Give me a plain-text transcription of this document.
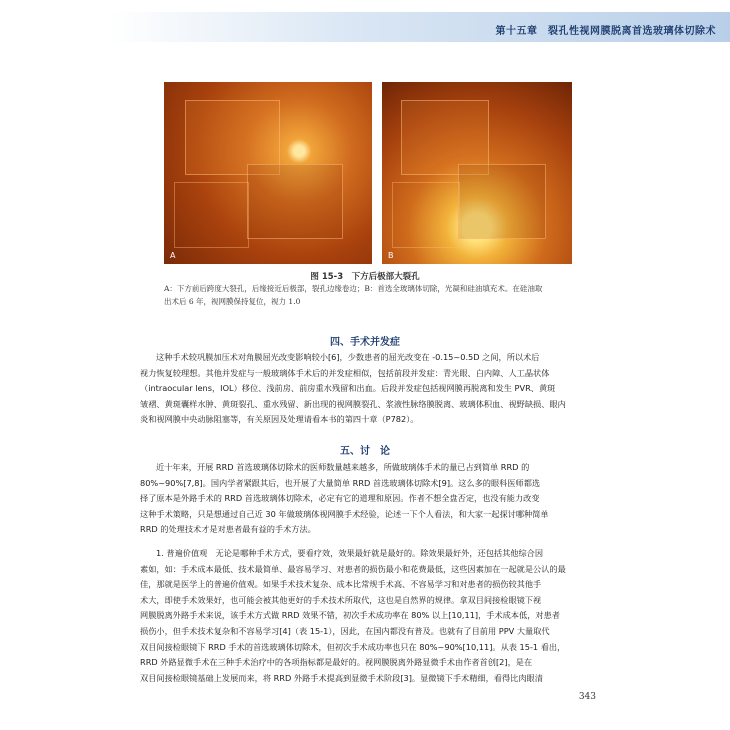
第十五章　裂孔性视网膜脱离首选玻璃体切除术
A	B
图 15-3　下方后极部大裂孔
A：下方前后跨度大裂孔，后缘接近后极部，裂孔边缘卷边；B：首选全玻璃体切除，光凝和硅油填充术。在硅油取
出术后 6 年，视网膜保持复位，视力 1.0
四、手术并发症
这种手术较巩膜加压术对角膜屈光改变影响较小[6]，少数患者的屈光改变在 -0.15~0.5D 之间，所以术后
视力恢复较理想。其他并发症与一般玻璃体手术后的并发症相似，包括前段并发症：青光眼、白内障、人工晶状体
（intraocular lens，IOL）移位、浅前房、前房重水残留和出血。后段并发症包括视网膜再脱离和发生 PVR、黄斑
皱褶、黄斑囊样水肿、黄斑裂孔、重水残留、新出现的视网膜裂孔、浆液性脉络膜脱离、玻璃体积血、视野缺损、眼内
炎和视网膜中央动脉阻塞等，有关原因及处理请看本书的第四十章（P782）。
五、讨　论
近十年来，开展 RRD 首选玻璃体切除术的医师数量越来越多，所做玻璃体手术的量已占到简单 RRD 的
80%~90%[7,8]。国内学者紧跟其后，也开展了大量简单 RRD 首选玻璃体切除术[9]。这么多的眼科医师都选
择了原本是外路手术的 RRD 首选玻璃体切除术，必定有它的道理和原因。作者不想全盘否定，也没有能力改变
这种手术策略，只是想通过自己近 30 年做玻璃体视网膜手术经验，论述一下个人看法，和大家一起探讨哪种简单
RRD 的处理技术才是对患者最有益的手术方法。
1. 普遍价值观　无论是哪种手术方式，要看疗效，效果最好就是最好的。除效果最好外，还包括其他综合因
素如，如：手术成本最低、技术最简单、最容易学习、对患者的损伤最小和花费最低，这些因素加在一起就是公认的最
佳，那就是医学上的普遍价值观。如果手术技术复杂、成本比常规手术高、不容易学习和对患者的损伤较其他手
术大，即使手术效果好，也可能会被其他更好的手术技术所取代，这也是自然界的规律。拿双目间接检眼镜下视
网膜脱离外路手术来说，该手术方式做 RRD 效果不错，初次手术成功率在 80% 以上[10,11]，手术成本低，对患者
损伤小，但手术技术复杂和不容易学习[4]（表 15-1），因此，在国内都没有普及。也就有了目前用 PPV 大量取代
双目间接检眼镜下 RRD 手术的首选玻璃体切除术，但初次手术成功率也只在 80%~90%[10,11]。从表 15-1 看出，
RRD 外路显微手术在三种手术治疗中的各项指标都是最好的。视网膜脱离外路显微手术由作者首创[2]，是在
双目间接检眼镜基础上发展而来，将 RRD 外路手术提高到显微手术阶段[3]。显微镜下手术精细，看得比肉眼清
343
